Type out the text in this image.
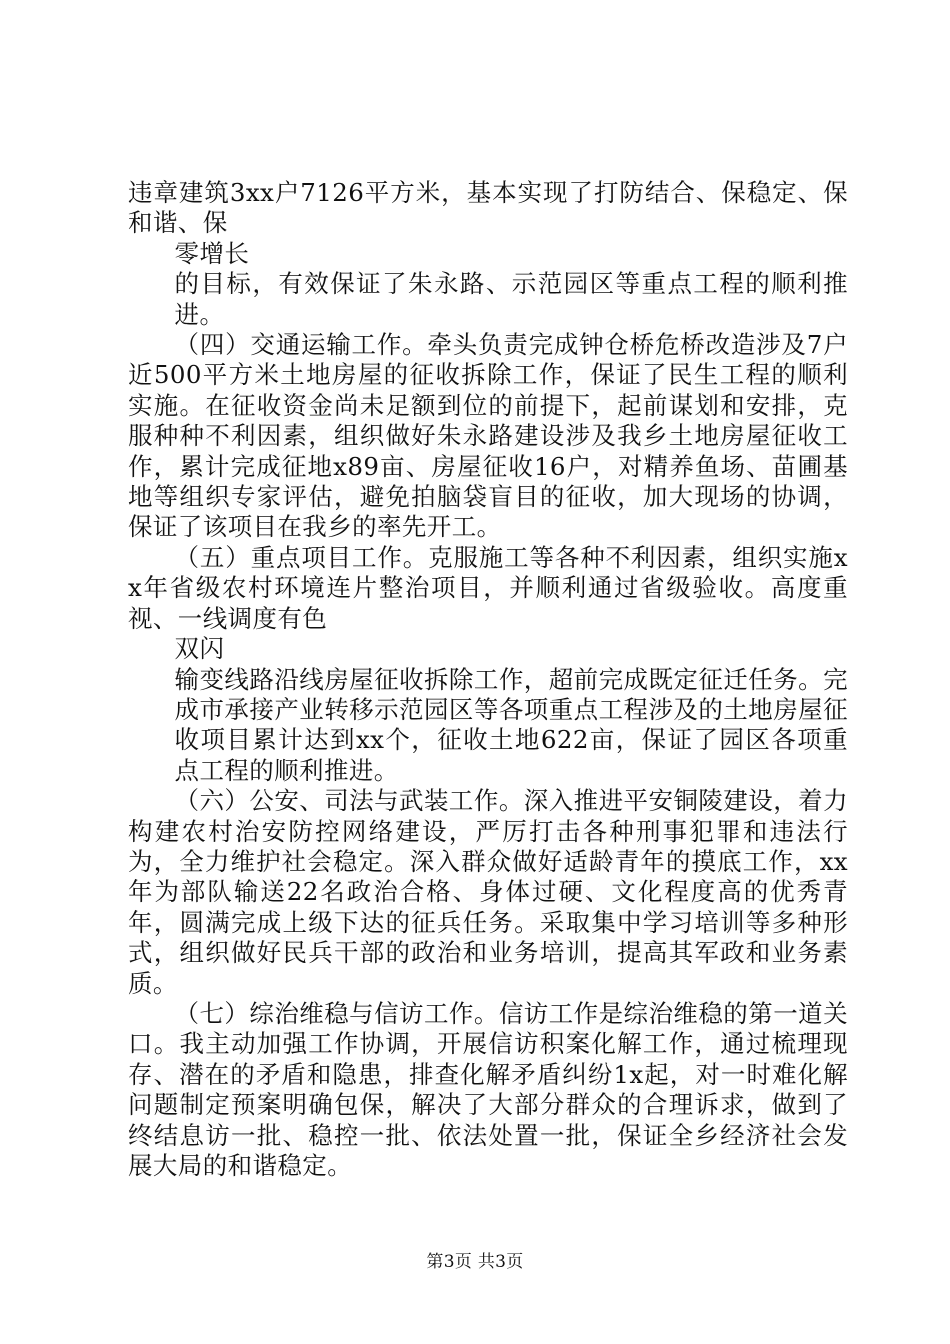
违章建筑3xx户7126平方米，基本实现了打防结合、保稳定、保和谐、保

零增长

的目标，有效保证了朱永路、示范园区等重点工程的顺利推进。

（四）交通运输工作。牵头负责完成钟仓桥危桥改造涉及7户近500平方米土地房屋的征收拆除工作，保证了民生工程的顺利实施。在征收资金尚未足额到位的前提下，起前谋划和安排，克服种种不利因素，组织做好朱永路建设涉及我乡土地房屋征收工作，累计完成征地x89亩、房屋征收16户，对精养鱼场、苗圃基地等组织专家评估，避免拍脑袋盲目的征收，加大现场的协调，保证了该项目在我乡的率先开工。

（五）重点项目工作。克服施工等各种不利因素，组织实施xx年省级农村环境连片整治项目，并顺利通过省级验收。高度重视、一线调度有色

双闪

输变线路沿线房屋征收拆除工作，超前完成既定征迁任务。完成市承接产业转移示范园区等各项重点工程涉及的土地房屋征收项目累计达到xx个，征收土地622亩，保证了园区各项重点工程的顺利推进。

（六）公安、司法与武装工作。深入推进平安铜陵建设，着力构建农村治安防控网络建设，严厉打击各种刑事犯罪和违法行为，全力维护社会稳定。深入群众做好适龄青年的摸底工作，xx年为部队输送22名政治合格、身体过硬、文化程度高的优秀青年，圆满完成上级下达的征兵任务。采取集中学习培训等多种形式，组织做好民兵干部的政治和业务培训，提高其军政和业务素质。

（七）综治维稳与信访工作。信访工作是综治维稳的第一道关口。我主动加强工作协调，开展信访积案化解工作，通过梳理现存、潜在的矛盾和隐患，排查化解矛盾纠纷1x起，对一时难化解问题制定预案明确包保，解决了大部分群众的合理诉求，做到了终结息访一批、稳控一批、依法处置一批，保证全乡经济社会发展大局的和谐稳定。

第3页 共3页
